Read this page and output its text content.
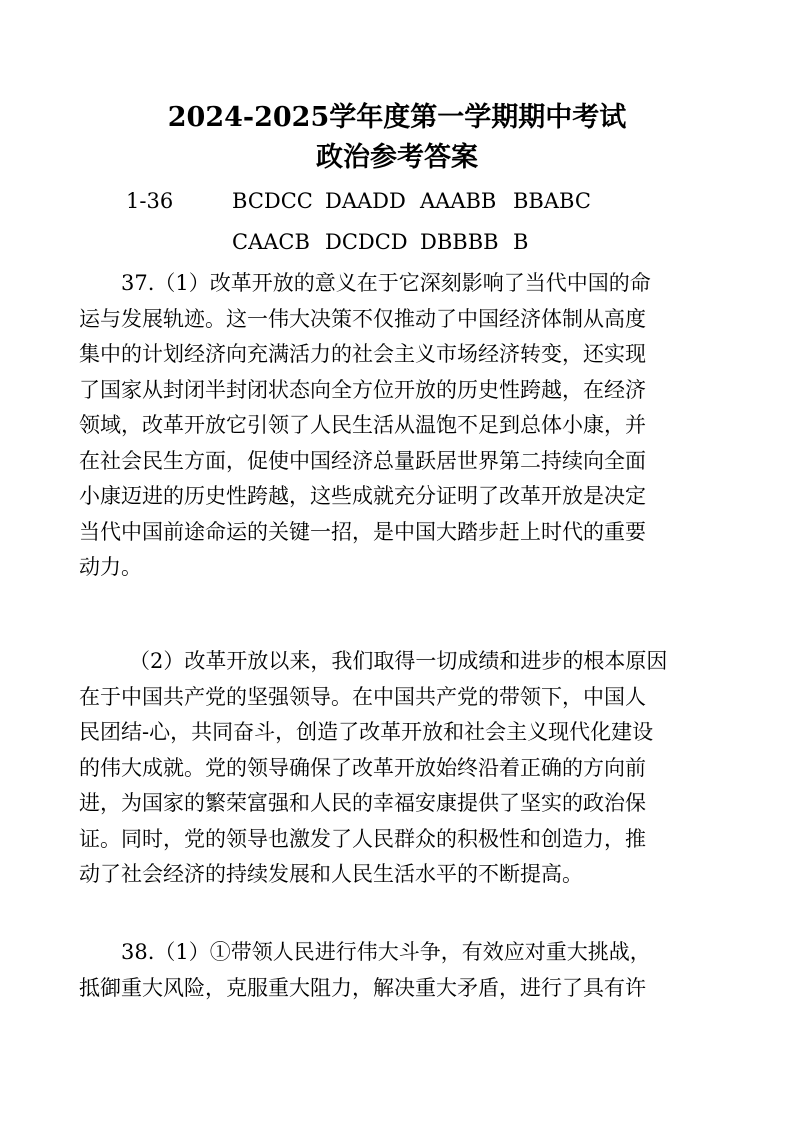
2024-2025学年度第一学期期中考试
政治参考答案
1-36	BCDCC DAADD AAABB BBABC
CAACB DCDCD DBBBB B
37.（1）改革开放的意义在于它深刻影响了当代中国的命
运与发展轨迹。这一伟大决策不仅推动了中国经济体制从高度
集中的计划经济向充满活力的社会主义市场经济转变，还实现
了国家从封闭半封闭状态向全方位开放的历史性跨越，在经济
领域，改革开放它引领了人民生活从温饱不足到总体小康，并
在社会民生方面，促使中国经济总量跃居世界第二持续向全面
小康迈进的历史性跨越，这些成就充分证明了改革开放是决定
当代中国前途命运的关键一招，是中国大踏步赶上时代的重要
动力。
（2）改革开放以来，我们取得一切成绩和进步的根本原因
在于中国共产党的坚强领导。在中国共产党的带领下，中国人
民团结-心，共同奋斗，创造了改革开放和社会主义现代化建设
的伟大成就。党的领导确保了改革开放始终沿着正确的方向前
进，为国家的繁荣富强和人民的幸福安康提供了坚实的政治保
证。同时，党的领导也激发了人民群众的积极性和创造力，推
动了社会经济的持续发展和人民生活水平的不断提高。
38.（1）①带领人民进行伟大斗争，有效应对重大挑战，
抵御重大风险，克服重大阻力，解决重大矛盾，进行了具有许
